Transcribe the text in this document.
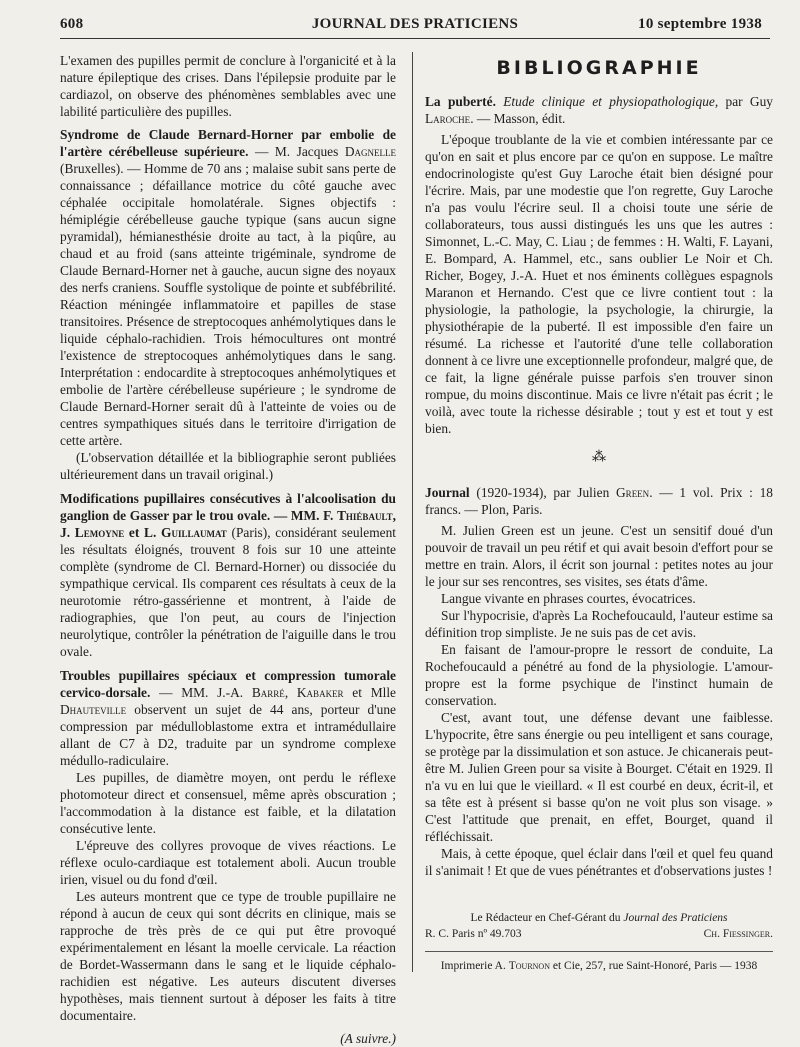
608	JOURNAL DES PRATICIENS	10 septembre 1938

L'examen des pupilles permit de conclure à l'organicité et à la nature épileptique des crises. Dans l'épilepsie produite par le cardiazol, on observe des phénomènes semblables avec une labilité particulière des pupilles.

Syndrome de Claude Bernard-Horner par embolie de l'artère cérébelleuse supérieure. — M. Jacques Dagnelle (Bruxelles). — Homme de 70 ans ; malaise subit sans perte de connaissance ; défaillance motrice du côté gauche avec céphalée occipitale homolatérale. Signes objectifs : hémiplégie cérébelleuse gauche typique (sans aucun signe pyramidal), hémianesthésie droite au tact, à la piqûre, au chaud et au froid (sans atteinte trigéminale, syndrome de Claude Bernard-Horner net à gauche, aucun signe des noyaux des nerfs craniens. Souffle systolique de pointe et subfébrilité. Réaction méningée inflammatoire et papilles de stase transitoires. Présence de streptocoques anhémolytiques dans le liquide céphalo-rachidien. Trois hémocultures ont montré l'existence de streptocoques anhémolytiques dans le sang. Interprétation : endocardite à streptocoques anhémolytiques et embolie de l'artère cérébelleuse supérieure ; le syndrome de Claude Bernard-Horner serait dû à l'atteinte de voies ou de centres sympathiques situés dans le territoire d'irrigation de cette artère.

(L'observation détaillée et la bibliographie seront publiées ultérieurement dans un travail original.)

Modifications pupillaires consécutives à l'alcoolisation du ganglion de Gasser par le trou ovale. — MM. F. Thiébault, J. Lemoyne et L. Guillaumat (Paris), considérant seulement les résultats éloignés, trouvent 8 fois sur 10 une atteinte complète (syndrome de Cl. Bernard-Horner) ou dissociée du sympathique cervical. Ils comparent ces résultats à ceux de la neurotomie rétro-gassérienne et montrent, à l'aide de radiographies, que l'on peut, au cours de l'injection neurolytique, contrôler la pénétration de l'aiguille dans le trou ovale.

Troubles pupillaires spéciaux et compression tumorale cervico-dorsale. — MM. J.-A. Barré, Kabaker et Mlle Dhauteville observent un sujet de 44 ans, porteur d'une compression par médulloblastome extra et intramédullaire allant de C7 à D2, traduite par un syndrome complexe médullo-radiculaire.

Les pupilles, de diamètre moyen, ont perdu le réflexe photomoteur direct et consensuel, même après obscuration ; l'accommodation à la distance est faible, et la dilatation consécutive lente.

L'épreuve des collyres provoque de vives réactions. Le réflexe oculo-cardiaque est totalement aboli. Aucun trouble irien, visuel ou du fond d'œil.

Les auteurs montrent que ce type de trouble pupillaire ne répond à aucun de ceux qui sont décrits en clinique, mais se rapproche de très près de ce qui put être provoqué expérimentalement en lésant la moelle cervicale. La réaction de Bordet-Wassermann dans le sang et le liquide céphalo-rachidien est négative. Les auteurs discutent diverses hypothèses, mais tiennent surtout à déposer les faits à titre documentaire.

(A suivre.)

BIBLIOGRAPHIE

La puberté. Etude clinique et physiopathologique, par Guy Laroche. — Masson, édit.

L'époque troublante de la vie et combien intéressante par ce qu'on en sait et plus encore par ce qu'on en suppose. Le maître endocrinologiste qu'est Guy Laroche était bien désigné pour l'écrire. Mais, par une modestie que l'on regrette, Guy Laroche n'a pas voulu l'écrire seul. Il a choisi toute une série de collaborateurs, tous aussi distingués les uns que les autres : Simonnet, L.-C. May, C. Liau ; de femmes : H. Walti, F. Layani, E. Bompard, A. Hammel, etc., sans oublier Le Noir et Ch. Richer, Bogey, J.-A. Huet et nos éminents collègues espagnols Maranon et Hernando. C'est que ce livre contient tout : la physiologie, la pathologie, la psychologie, la chirurgie, la physiothérapie de la puberté. Il est impossible d'en faire un résumé. La richesse et l'autorité d'une telle collaboration donnent à ce livre une exceptionnelle profondeur, malgré que, de ce fait, la ligne générale puisse parfois s'en trouver sinon rompue, du moins discontinue. Mais ce livre n'était pas écrit ; le voilà, avec toute la richesse désirable ; tout y est et tout y est bien.

⁂

Journal (1920-1934), par Julien Green. — 1 vol. Prix : 18 francs. — Plon, Paris.

M. Julien Green est un jeune. C'est un sensitif doué d'un pouvoir de travail un peu rétif et qui avait besoin d'effort pour se mettre en train. Alors, il écrit son journal : petites notes au jour le jour sur ses rencontres, ses visites, ses états d'âme.

Langue vivante en phrases courtes, évocatrices.

Sur l'hypocrisie, d'après La Rochefoucauld, l'auteur estime sa définition trop simpliste. Je ne suis pas de cet avis.

En faisant de l'amour-propre le ressort de conduite, La Rochefoucauld a pénétré au fond de la physiologie. L'amour-propre est la forme psychique de l'instinct humain de conservation.

C'est, avant tout, une défense devant une faiblesse. L'hypocrite, être sans énergie ou peu intelligent et sans courage, se protège par la dissimulation et son astuce. Je chicanerais peut-être M. Julien Green pour sa visite à Bourget. C'était en 1929. Il n'a vu en lui que le vieillard. « Il est courbé en deux, écrit-il, et sa tête est à présent si basse qu'on ne voit plus son visage. » C'est l'attitude que prenait, en effet, Bourget, quand il réfléchissait.

Mais, à cette époque, quel éclair dans l'œil et quel feu quand il s'animait ! Et que de vues pénétrantes et d'observations justes !

Le Rédacteur en Chef-Gérant du Journal des Praticiens
R. C. Paris nº 49.703	Ch. Fiessinger.
Imprimerie A. Tournon et Cie, 257, rue Saint-Honoré, Paris — 1938
